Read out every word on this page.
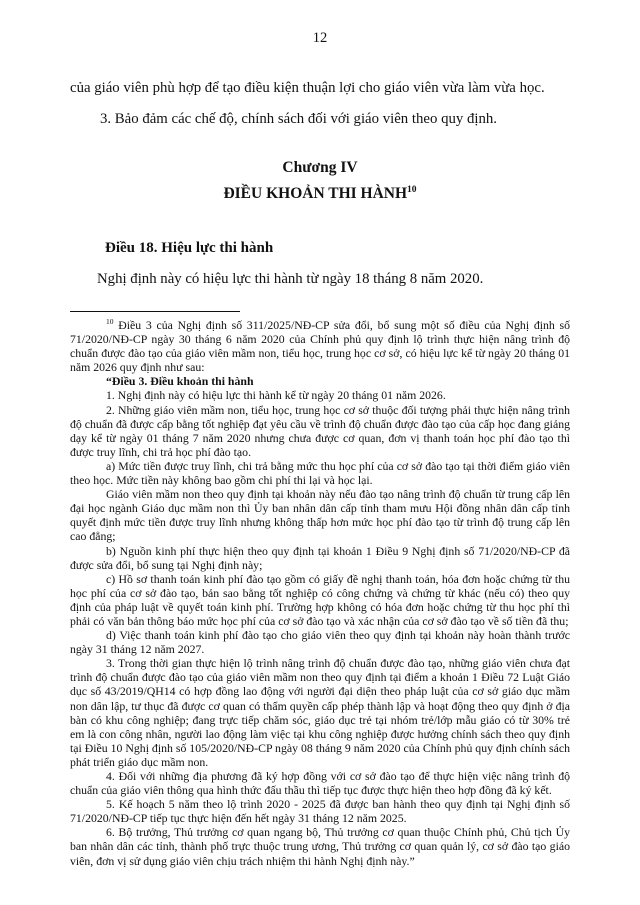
12

của giáo viên phù hợp để tạo điều kiện thuận lợi cho giáo viên vừa làm vừa học.

3. Bảo đảm các chế độ, chính sách đối với giáo viên theo quy định.

Chương IV
ĐIỀU KHOẢN THI HÀNH$^{10}$

Điều 18. Hiệu lực thi hành

Nghị định này có hiệu lực thi hành từ ngày 18 tháng 8 năm 2020.

$^{10}$ Điều 3 của Nghị định số 311/2025/NĐ-CP sửa đổi, bổ sung một số điều của Nghị định số 71/2020/NĐ-CP ngày 30 tháng 6 năm 2020 của Chính phủ quy định lộ trình thực hiện nâng trình độ chuẩn được đào tạo của giáo viên mầm non, tiểu học, trung học cơ sở, có hiệu lực kể từ ngày 20 tháng 01 năm 2026 quy định như sau:

“Điều 3. Điều khoản thi hành

1. Nghị định này có hiệu lực thi hành kể từ ngày 20 tháng 01 năm 2026.

2. Những giáo viên mầm non, tiểu học, trung học cơ sở thuộc đối tượng phải thực hiện nâng trình độ chuẩn đã được cấp bằng tốt nghiệp đạt yêu cầu về trình độ chuẩn được đào tạo của cấp học đang giảng dạy kể từ ngày 01 tháng 7 năm 2020 nhưng chưa được cơ quan, đơn vị thanh toán học phí đào tạo thì được truy lĩnh, chi trả học phí đào tạo.

a) Mức tiền được truy lĩnh, chi trả bằng mức thu học phí của cơ sở đào tạo tại thời điểm giáo viên theo học. Mức tiền này không bao gồm chi phí thi lại và học lại.

Giáo viên mầm non theo quy định tại khoản này nếu đào tạo nâng trình độ chuẩn từ trung cấp lên đại học ngành Giáo dục mầm non thì Ủy ban nhân dân cấp tỉnh tham mưu Hội đồng nhân dân cấp tỉnh quyết định mức tiền được truy lĩnh nhưng không thấp hơn mức học phí đào tạo từ trình độ trung cấp lên cao đẳng;

b) Nguồn kinh phí thực hiện theo quy định tại khoản 1 Điều 9 Nghị định số 71/2020/NĐ-CP đã được sửa đổi, bổ sung tại Nghị định này;

c) Hồ sơ thanh toán kinh phí đào tạo gồm có giấy đề nghị thanh toán, hóa đơn hoặc chứng từ thu học phí của cơ sở đào tạo, bản sao bằng tốt nghiệp có công chứng và chứng từ khác (nếu có) theo quy định của pháp luật về quyết toán kinh phí. Trường hợp không có hóa đơn hoặc chứng từ thu học phí thì phải có văn bản thông báo mức học phí của cơ sở đào tạo và xác nhận của cơ sở đào tạo về số tiền đã thu;

d) Việc thanh toán kinh phí đào tạo cho giáo viên theo quy định tại khoản này hoàn thành trước ngày 31 tháng 12 năm 2027.

3. Trong thời gian thực hiện lộ trình nâng trình độ chuẩn được đào tạo, những giáo viên chưa đạt trình độ chuẩn được đào tạo của giáo viên mầm non theo quy định tại điểm a khoản 1 Điều 72 Luật Giáo dục số 43/2019/QH14 có hợp đồng lao động với người đại diện theo pháp luật của cơ sở giáo dục mầm non dân lập, tư thục đã được cơ quan có thẩm quyền cấp phép thành lập và hoạt động theo quy định ở địa bàn có khu công nghiệp; đang trực tiếp chăm sóc, giáo dục trẻ tại nhóm trẻ/lớp mẫu giáo có từ 30% trẻ em là con công nhân, người lao động làm việc tại khu công nghiệp được hưởng chính sách theo quy định tại Điều 10 Nghị định số 105/2020/NĐ-CP ngày 08 tháng 9 năm 2020 của Chính phủ quy định chính sách phát triển giáo dục mầm non.

4. Đối với những địa phương đã ký hợp đồng với cơ sở đào tạo để thực hiện việc nâng trình độ chuẩn của giáo viên thông qua hình thức đấu thầu thì tiếp tục được thực hiện theo hợp đồng đã ký kết.

5. Kế hoạch 5 năm theo lộ trình 2020 - 2025 đã được ban hành theo quy định tại Nghị định số 71/2020/NĐ-CP tiếp tục thực hiện đến hết ngày 31 tháng 12 năm 2025.

6. Bộ trưởng, Thủ trưởng cơ quan ngang bộ, Thủ trưởng cơ quan thuộc Chính phủ, Chủ tịch Ủy ban nhân dân các tỉnh, thành phố trực thuộc trung ương, Thủ trưởng cơ quan quản lý, cơ sở đào tạo giáo viên, đơn vị sử dụng giáo viên chịu trách nhiệm thi hành Nghị định này.”
